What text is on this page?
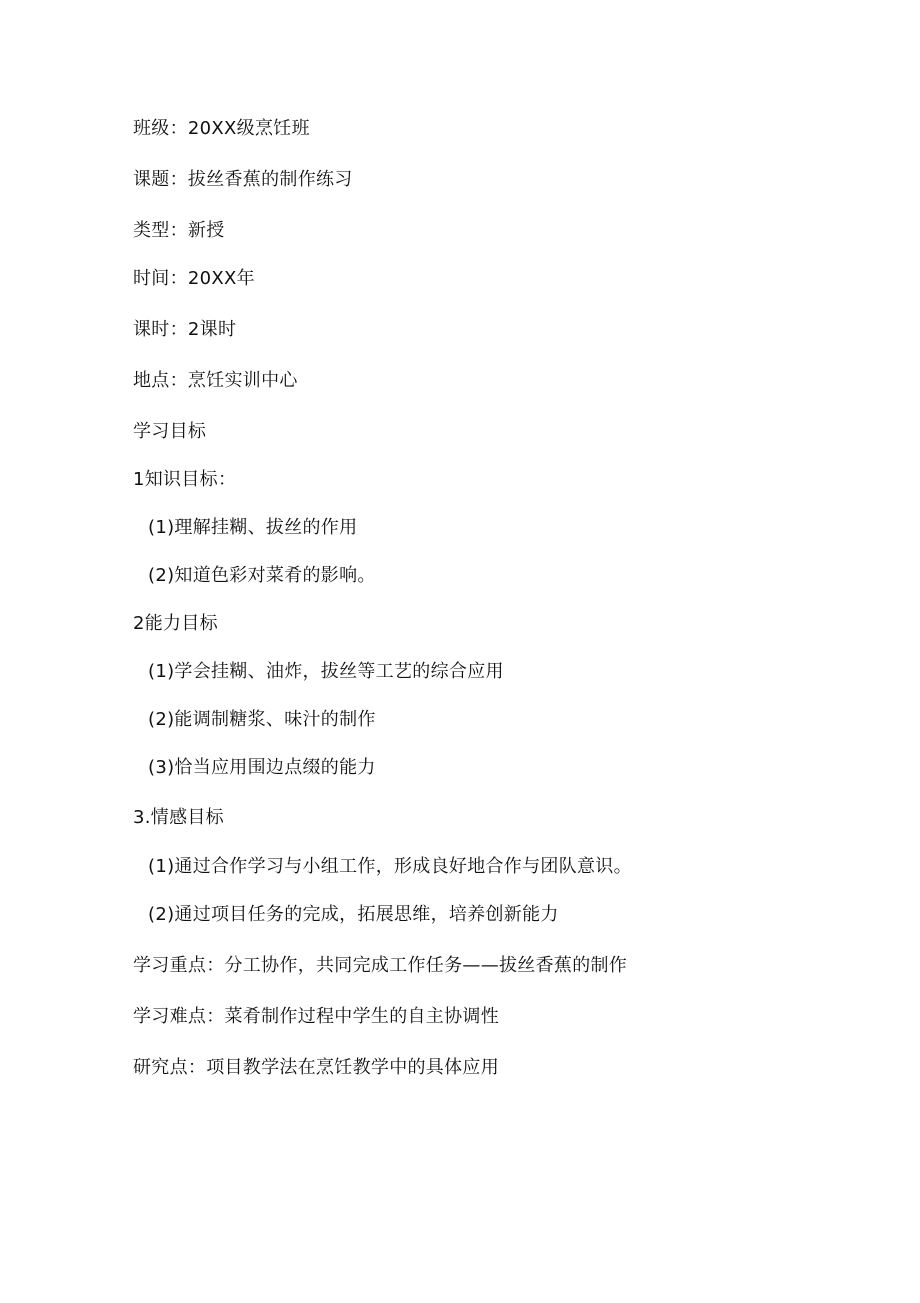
班级：20XX级烹饪班
课题：拔丝香蕉的制作练习
类型：新授
时间：20XX年
课时：2课时
地点：烹饪实训中心
学习目标
1知识目标：
(1)理解挂糊、拔丝的作用
(2)知道色彩对菜肴的影响。
2能力目标
(1)学会挂糊、油炸，拔丝等工艺的综合应用
(2)能调制糖浆、味汁的制作
(3)恰当应用围边点缀的能力
3.情感目标
(1)通过合作学习与小组工作，形成良好地合作与团队意识。
(2)通过项目任务的完成，拓展思维，培养创新能力
学习重点：分工协作，共同完成工作任务——拔丝香蕉的制作
学习难点：菜肴制作过程中学生的自主协调性
研究点：项目教学法在烹饪教学中的具体应用
